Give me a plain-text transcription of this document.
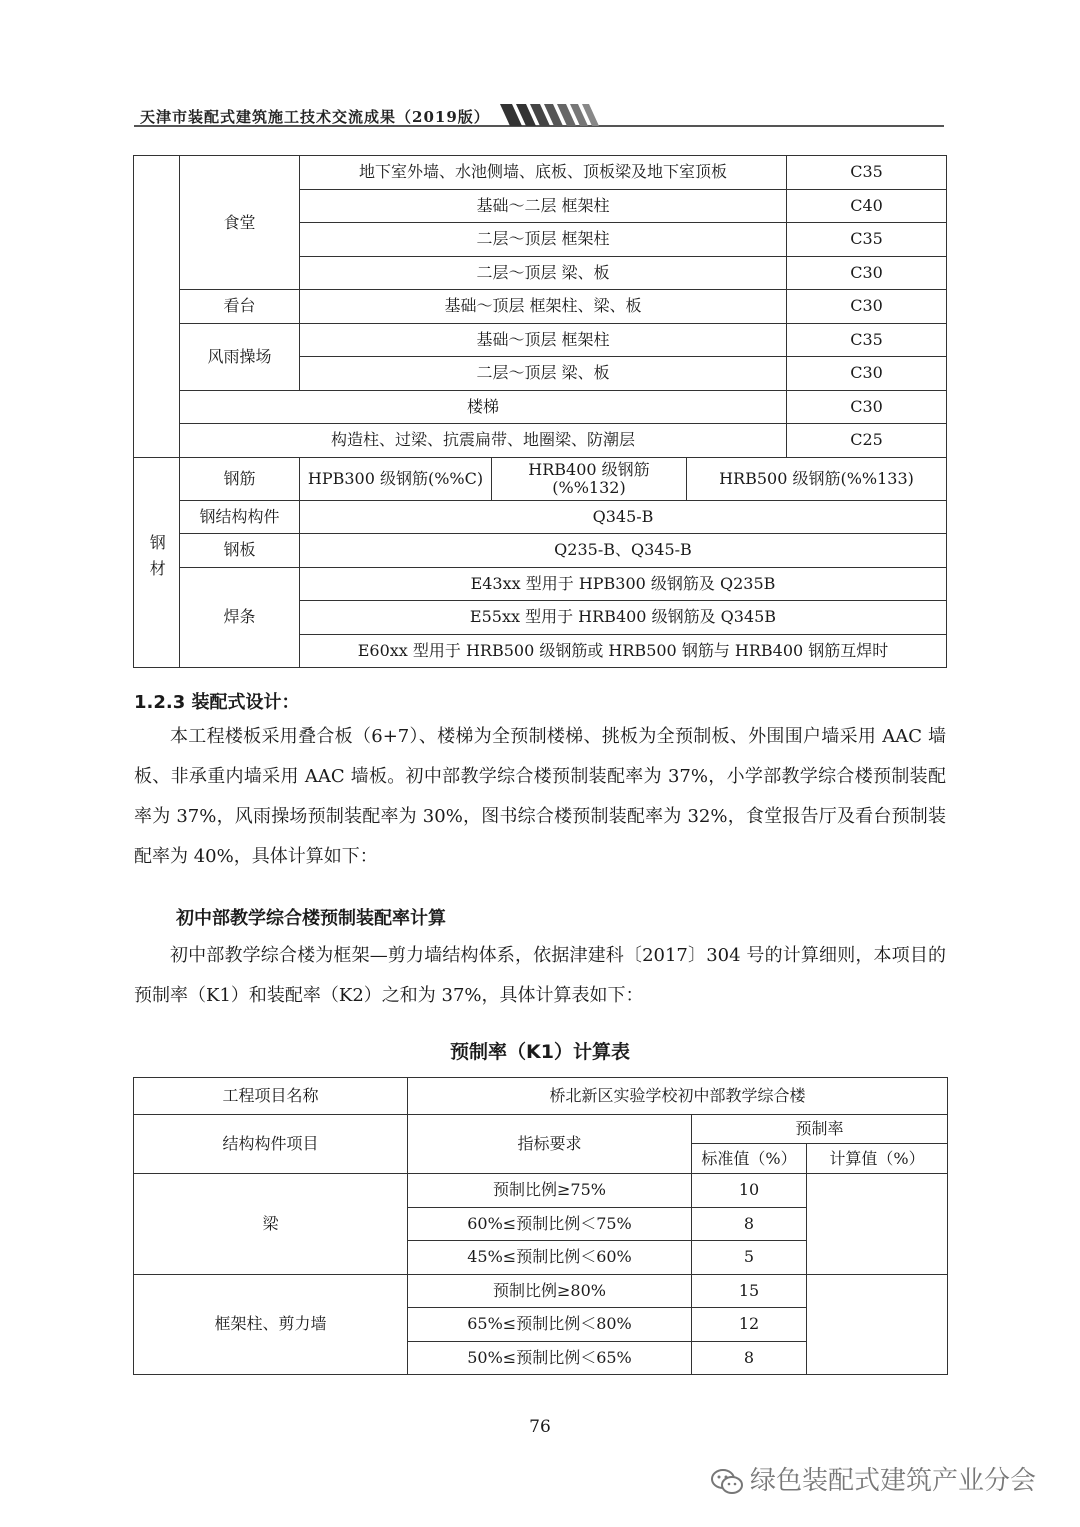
天津市装配式建筑施工技术交流成果（2019版）
	食堂	地下室外墙、水池侧墙、底板、顶板梁及地下室顶板			C35
		基础～二层 框架柱			C40
		二层～顶层 框架柱			C35
		二层～顶层 梁、板			C30
	看台	基础～顶层 框架柱、梁、板			C30
	风雨操场	基础～顶层 框架柱			C35
		二层～顶层 梁、板			C30
	楼梯				C30
	构造柱、过梁、抗震扁带、地圈梁、防潮层				C25
钢材	钢筋	HPB300 级钢筋(%%C)	HRB400 级钢筋(%%132)	HRB500 级钢筋(%%133)	
	钢结构构件	Q345-B			
	钢板	Q235-B、Q345-B			
	焊条	E43xx 型用于 HPB300 级钢筋及 Q235B			
		E55xx 型用于 HRB400 级钢筋及 Q345B			
		E60xx 型用于 HRB500 级钢筋或 HRB500 钢筋与 HRB400 钢筋互焊时			
1.2.3 装配式设计：

本工程楼板采用叠合板（6+7）、楼梯为全预制楼梯、挑板为全预制板、外围围户墙采用 AAC 墙板、非承重内墙采用 AAC 墙板。初中部教学综合楼预制装配率为 37%，小学部教学综合楼预制装配率为 37%，风雨操场预制装配率为 30%，图书综合楼预制装配率为 32%，食堂报告厅及看台预制装配率为 40%，具体计算如下：

初中部教学综合楼预制装配率计算

初中部教学综合楼为框架—剪力墙结构体系，依据津建科〔2017〕304 号的计算细则，本项目的预制率（K1）和装配率（K2）之和为 37%，具体计算表如下：

预制率（K1）计算表
工程项目名称	桥北新区实验学校初中部教学综合楼		
结构构件项目	指标要求	预制率	
		标准值（%）	计算值（%）
梁	预制比例≥75%	10	
	60%≤预制比例＜75%	8	
	45%≤预制比例＜60%	5	
框架柱、剪力墙	预制比例≥80%	15	
	65%≤预制比例＜80%	12	
	50%≤预制比例＜65%	8	
76
绿色装配式建筑产业分会
